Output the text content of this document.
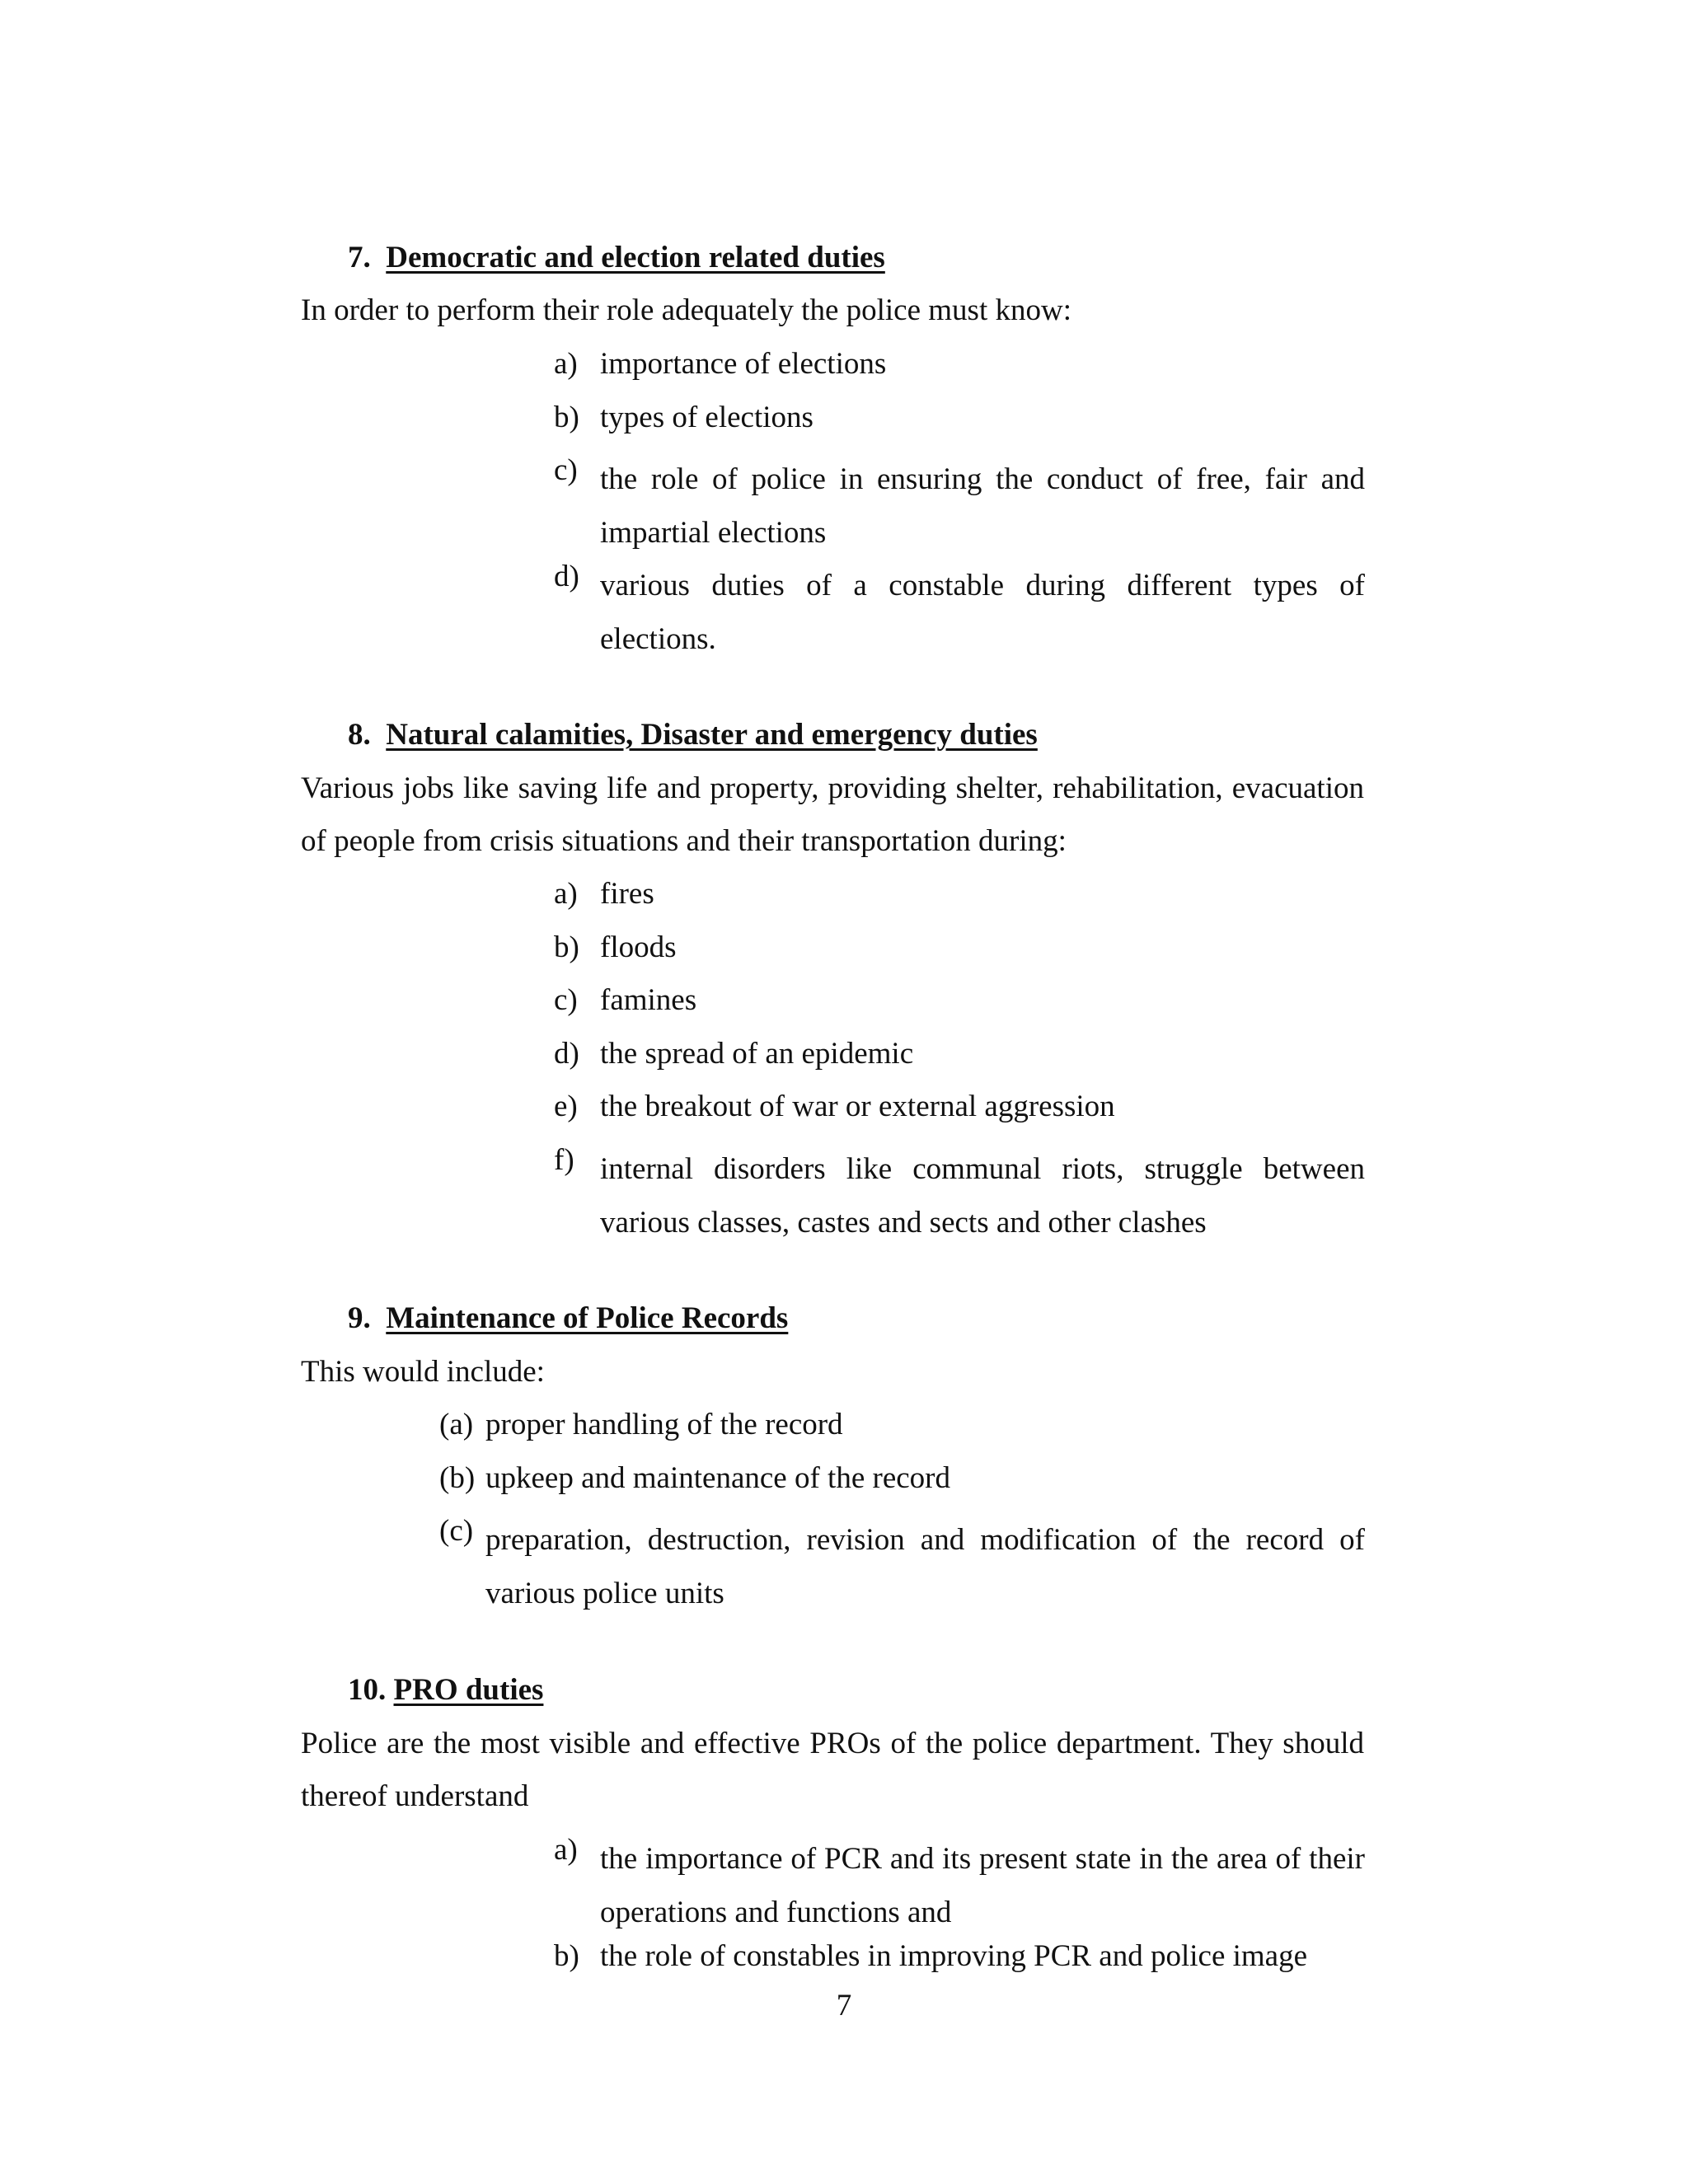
7. Democratic and election related duties
In order to perform their role adequately the police must know:
a) importance of elections
b) types of elections
c) the role of police in ensuring the conduct of free, fair and impartial elections
d) various duties of a constable during different types of elections.
8. Natural calamities, Disaster and emergency duties
Various jobs like saving life and property, providing shelter, rehabilitation, evacuation
of people from crisis situations and their transportation during:
a) fires
b) floods
c) famines
d) the spread of an epidemic
e) the breakout of war or external aggression
f) internal disorders like communal riots, struggle between various classes, castes and sects and other clashes
9. Maintenance of Police Records
This would include:
(a) proper handling of the record
(b) upkeep and maintenance of the record
(c) preparation, destruction, revision and modification of the record of various police units
10. PRO duties
Police are the most visible and effective PROs of the police department. They should
thereof understand
a) the importance of PCR and its present state in the area of their operations and functions and
b) the role of constables in improving PCR and police image
7
